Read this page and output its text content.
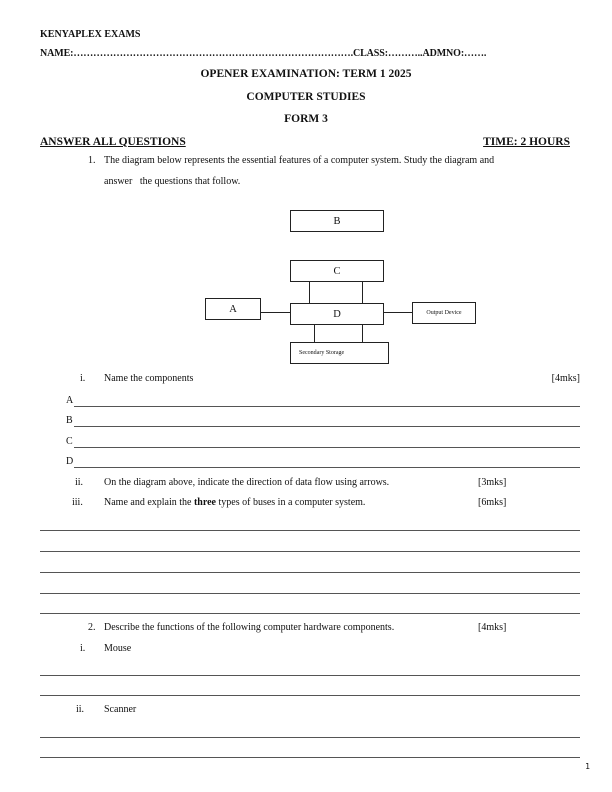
KENYAPLEX EXAMS
NAME:………………………………………………………………………….CLASS:………..ADMNO:…….
OPENER EXAMINATION: TERM 1 2025
COMPUTER STUDIES
FORM 3
ANSWER ALL QUESTIONS	TIME: 2 HOURS
1. The diagram below represents the essential features of a computer system. Study the diagram and
answer   the questions that follow.
B
C
D
A	Output Device
Secondary Storage
i. Name the components	[4mks]
A
B
C
D
ii. On the diagram above, indicate the direction of data flow using arrows.	[3mks]
iii. Name and explain the three types of buses in a computer system.	[6mks]
2. Describe the functions of the following computer hardware components.	[4mks]
i. Mouse
ii. Scanner
1
